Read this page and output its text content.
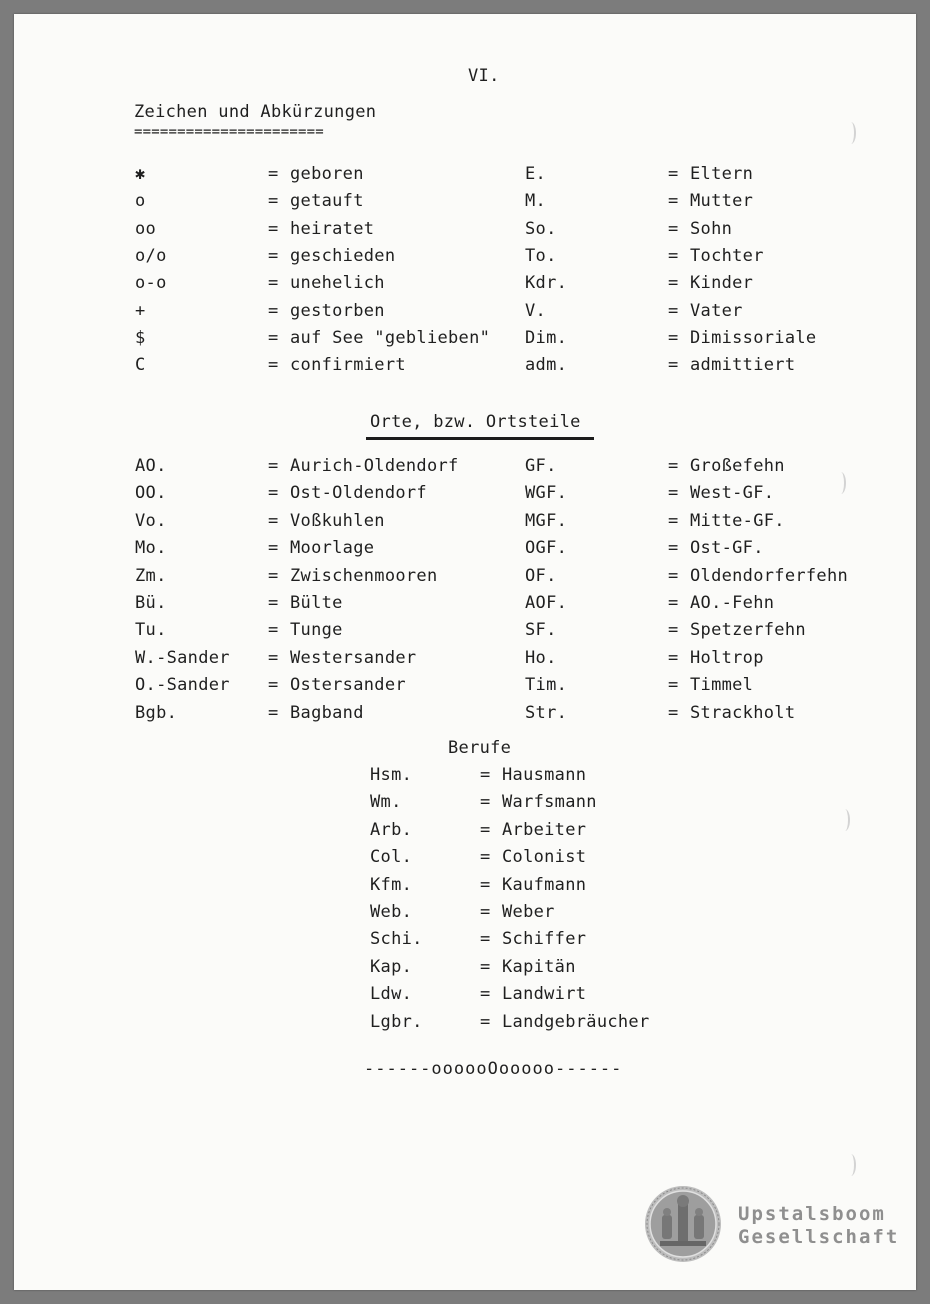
VI.
Zeichen und Abkürzungen
======================
✱	= geboren	E.	= Eltern
o	= getauft	M.	= Mutter
oo	= heiratet	So.	= Sohn
o/o	= geschieden	To.	= Tochter
o-o	= unehelich	Kdr.	= Kinder
+	= gestorben	V.	= Vater
$	= auf See "geblieben" Dim.	= Dimissoriale
C	= confirmiert	adm.	= admittiert
Orte, bzw. Ortsteile
AO.	= Aurich-Oldendorf	GF.	= Großefehn
OO.	= Ost-Oldendorf	WGF.	= West-GF.
Vo.	= Voßkuhlen	MGF.	= Mitte-GF.
Mo.	= Moorlage	OGF.	= Ost-GF.
Zm.	= Zwischenmooren	OF.	= Oldendorferfehn
Bü.	= Bülte	AOF.	= AO.-Fehn
Tu.	= Tunge	SF.	= Spetzerfehn
W.-Sander = Westersander	Ho.	= Holtrop
O.-Sander = Ostersander	Tim.	= Timmel
Bgb.	= Bagband	Str.	= Strackholt
Berufe
Hsm.	= Hausmann
Wm.	= Warfsmann
Arb.	= Arbeiter
Col.	= Colonist
Kfm.	= Kaufmann
Web.	= Weber
Schi.	= Schiffer
Kap.	= Kapitän
Ldw.	= Landwirt
Lgbr.	= Landgebräucher
------oooooOooooo------
Upstalsboom
Gesellschaft
